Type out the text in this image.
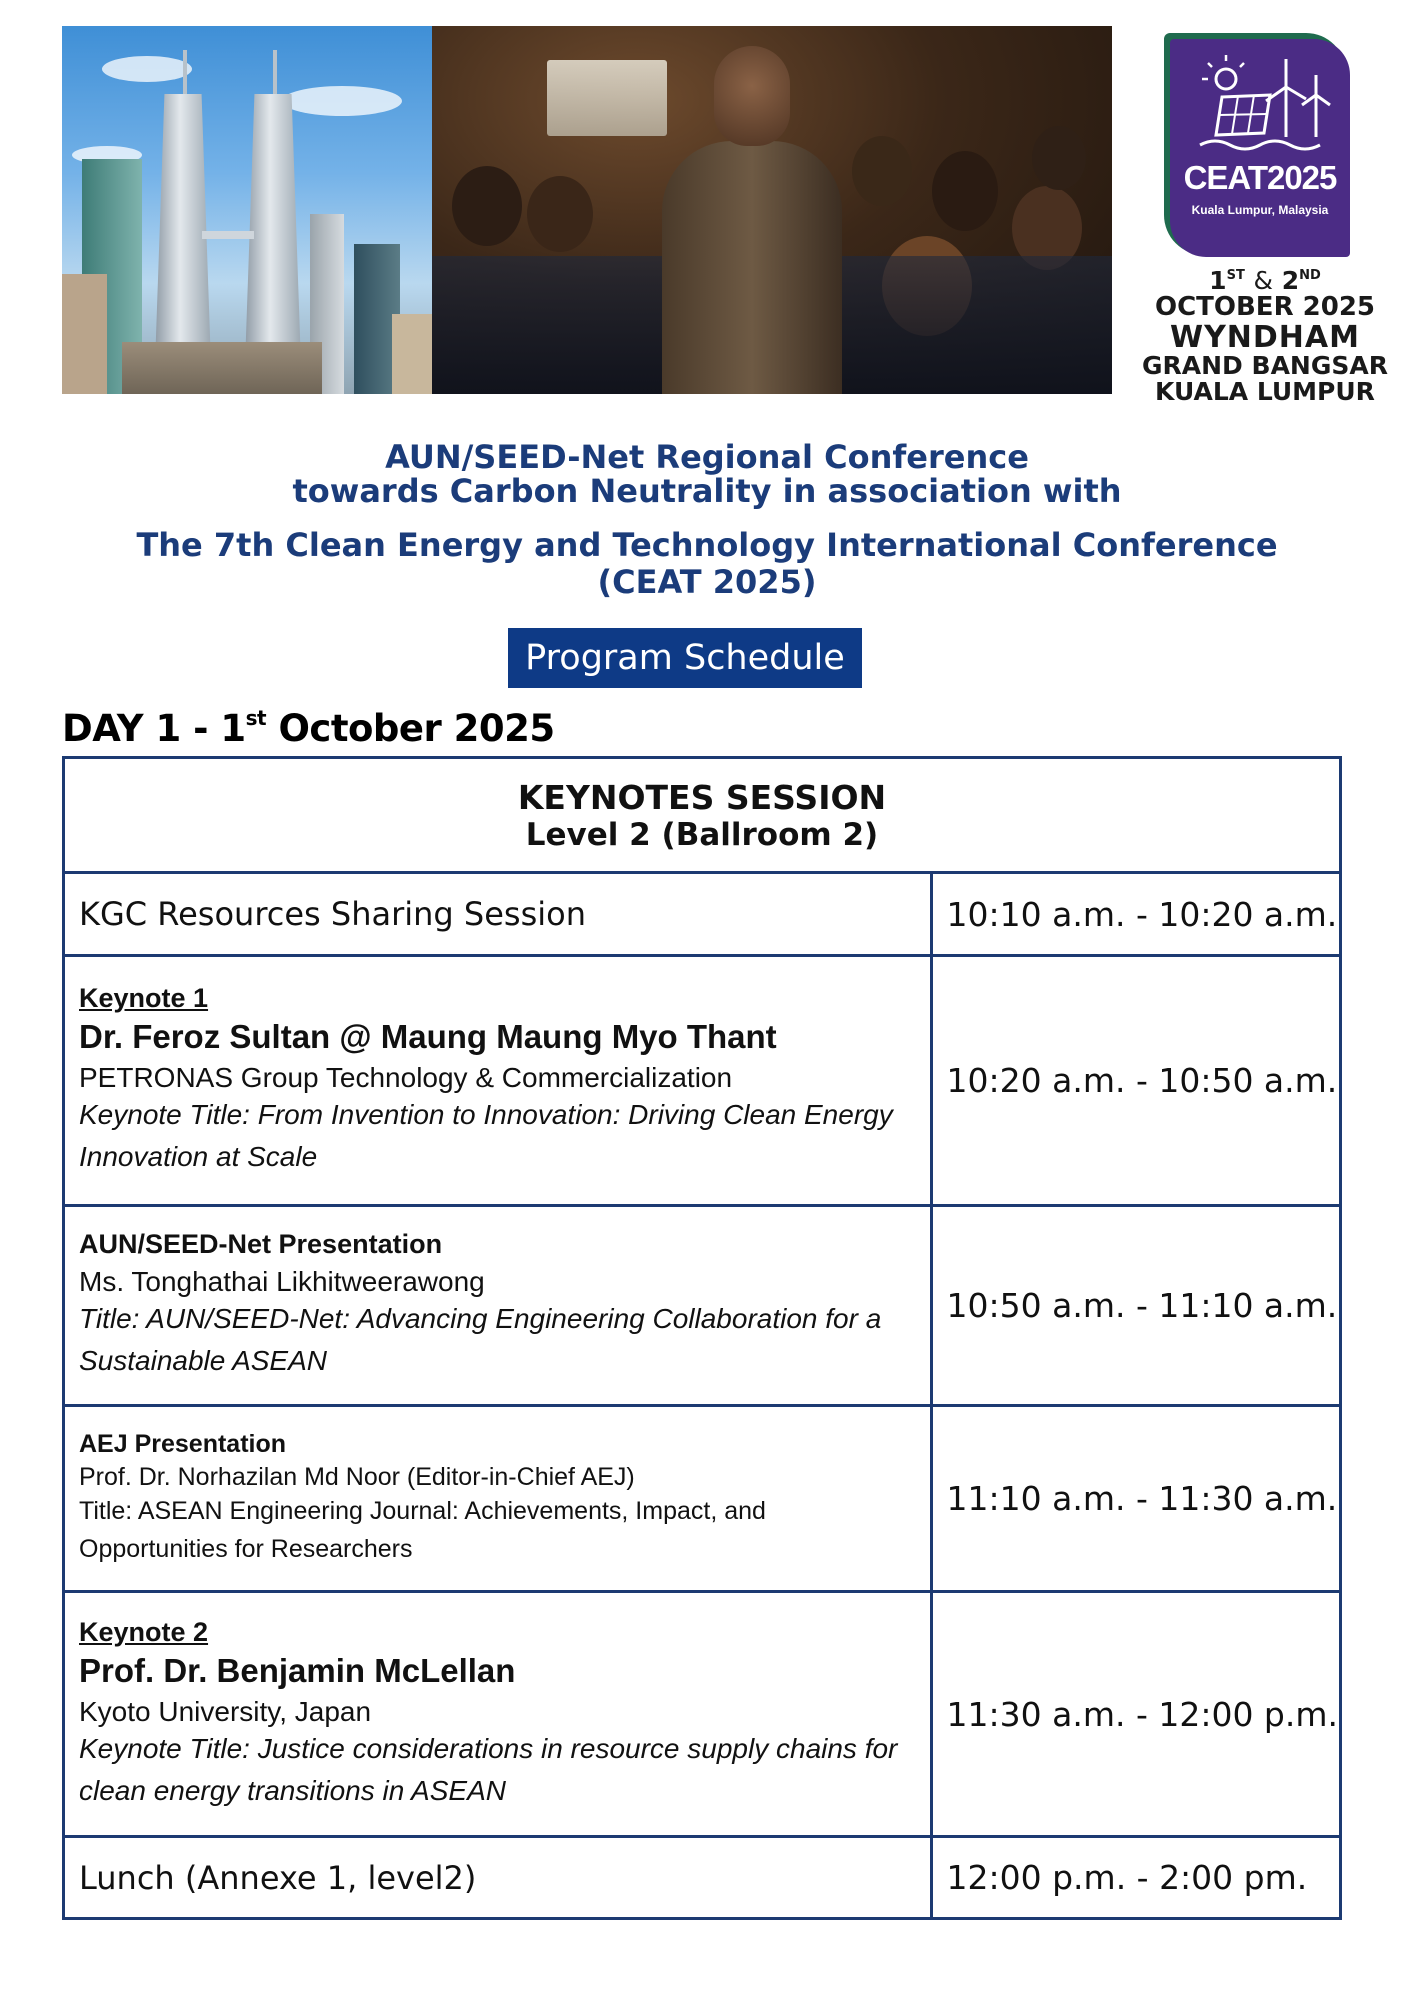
CEAT2025
Kuala Lumpur, Malaysia
1ST & 2ND
OCTOBER 2025
WYNDHAM
GRAND BANGSAR
KUALA LUMPUR
AUN/SEED-Net Regional Conference
towards Carbon Neutrality in association with
The 7th Clean Energy and Technology International Conference
(CEAT 2025)
Program Schedule
DAY 1 - 1st October 2025
KEYNOTES SESSION
Level 2 (Ballroom 2)	

KGC Resources Sharing Session	10:10 a.m. - 10:20 a.m.

Keynote 1
Dr. Feroz Sultan @ Maung Maung Myo Thant
PETRONAS Group Technology & Commercialization
Keynote Title: From Invention to Innovation: Driving Clean Energy Innovation at Scale	10:20 a.m. - 10:50 a.m.

AUN/SEED-Net Presentation
Ms. Tonghathai Likhitweerawong
Title: AUN/SEED-Net: Advancing Engineering Collaboration for a Sustainable ASEAN	10:50 a.m. - 11:10 a.m.

AEJ Presentation
Prof. Dr. Norhazilan Md Noor (Editor-in-Chief AEJ)
Title: ASEAN Engineering Journal: Achievements, Impact, and Opportunities for Researchers	11:10 a.m. - 11:30 a.m.

Keynote 2
Prof. Dr. Benjamin McLellan
Kyoto University, Japan
Keynote Title: Justice considerations in resource supply chains for clean energy transitions in ASEAN	11:30 a.m. - 12:00 p.m.

Lunch (Annexe 1, level2)	12:00 p.m. - 2:00 pm.
